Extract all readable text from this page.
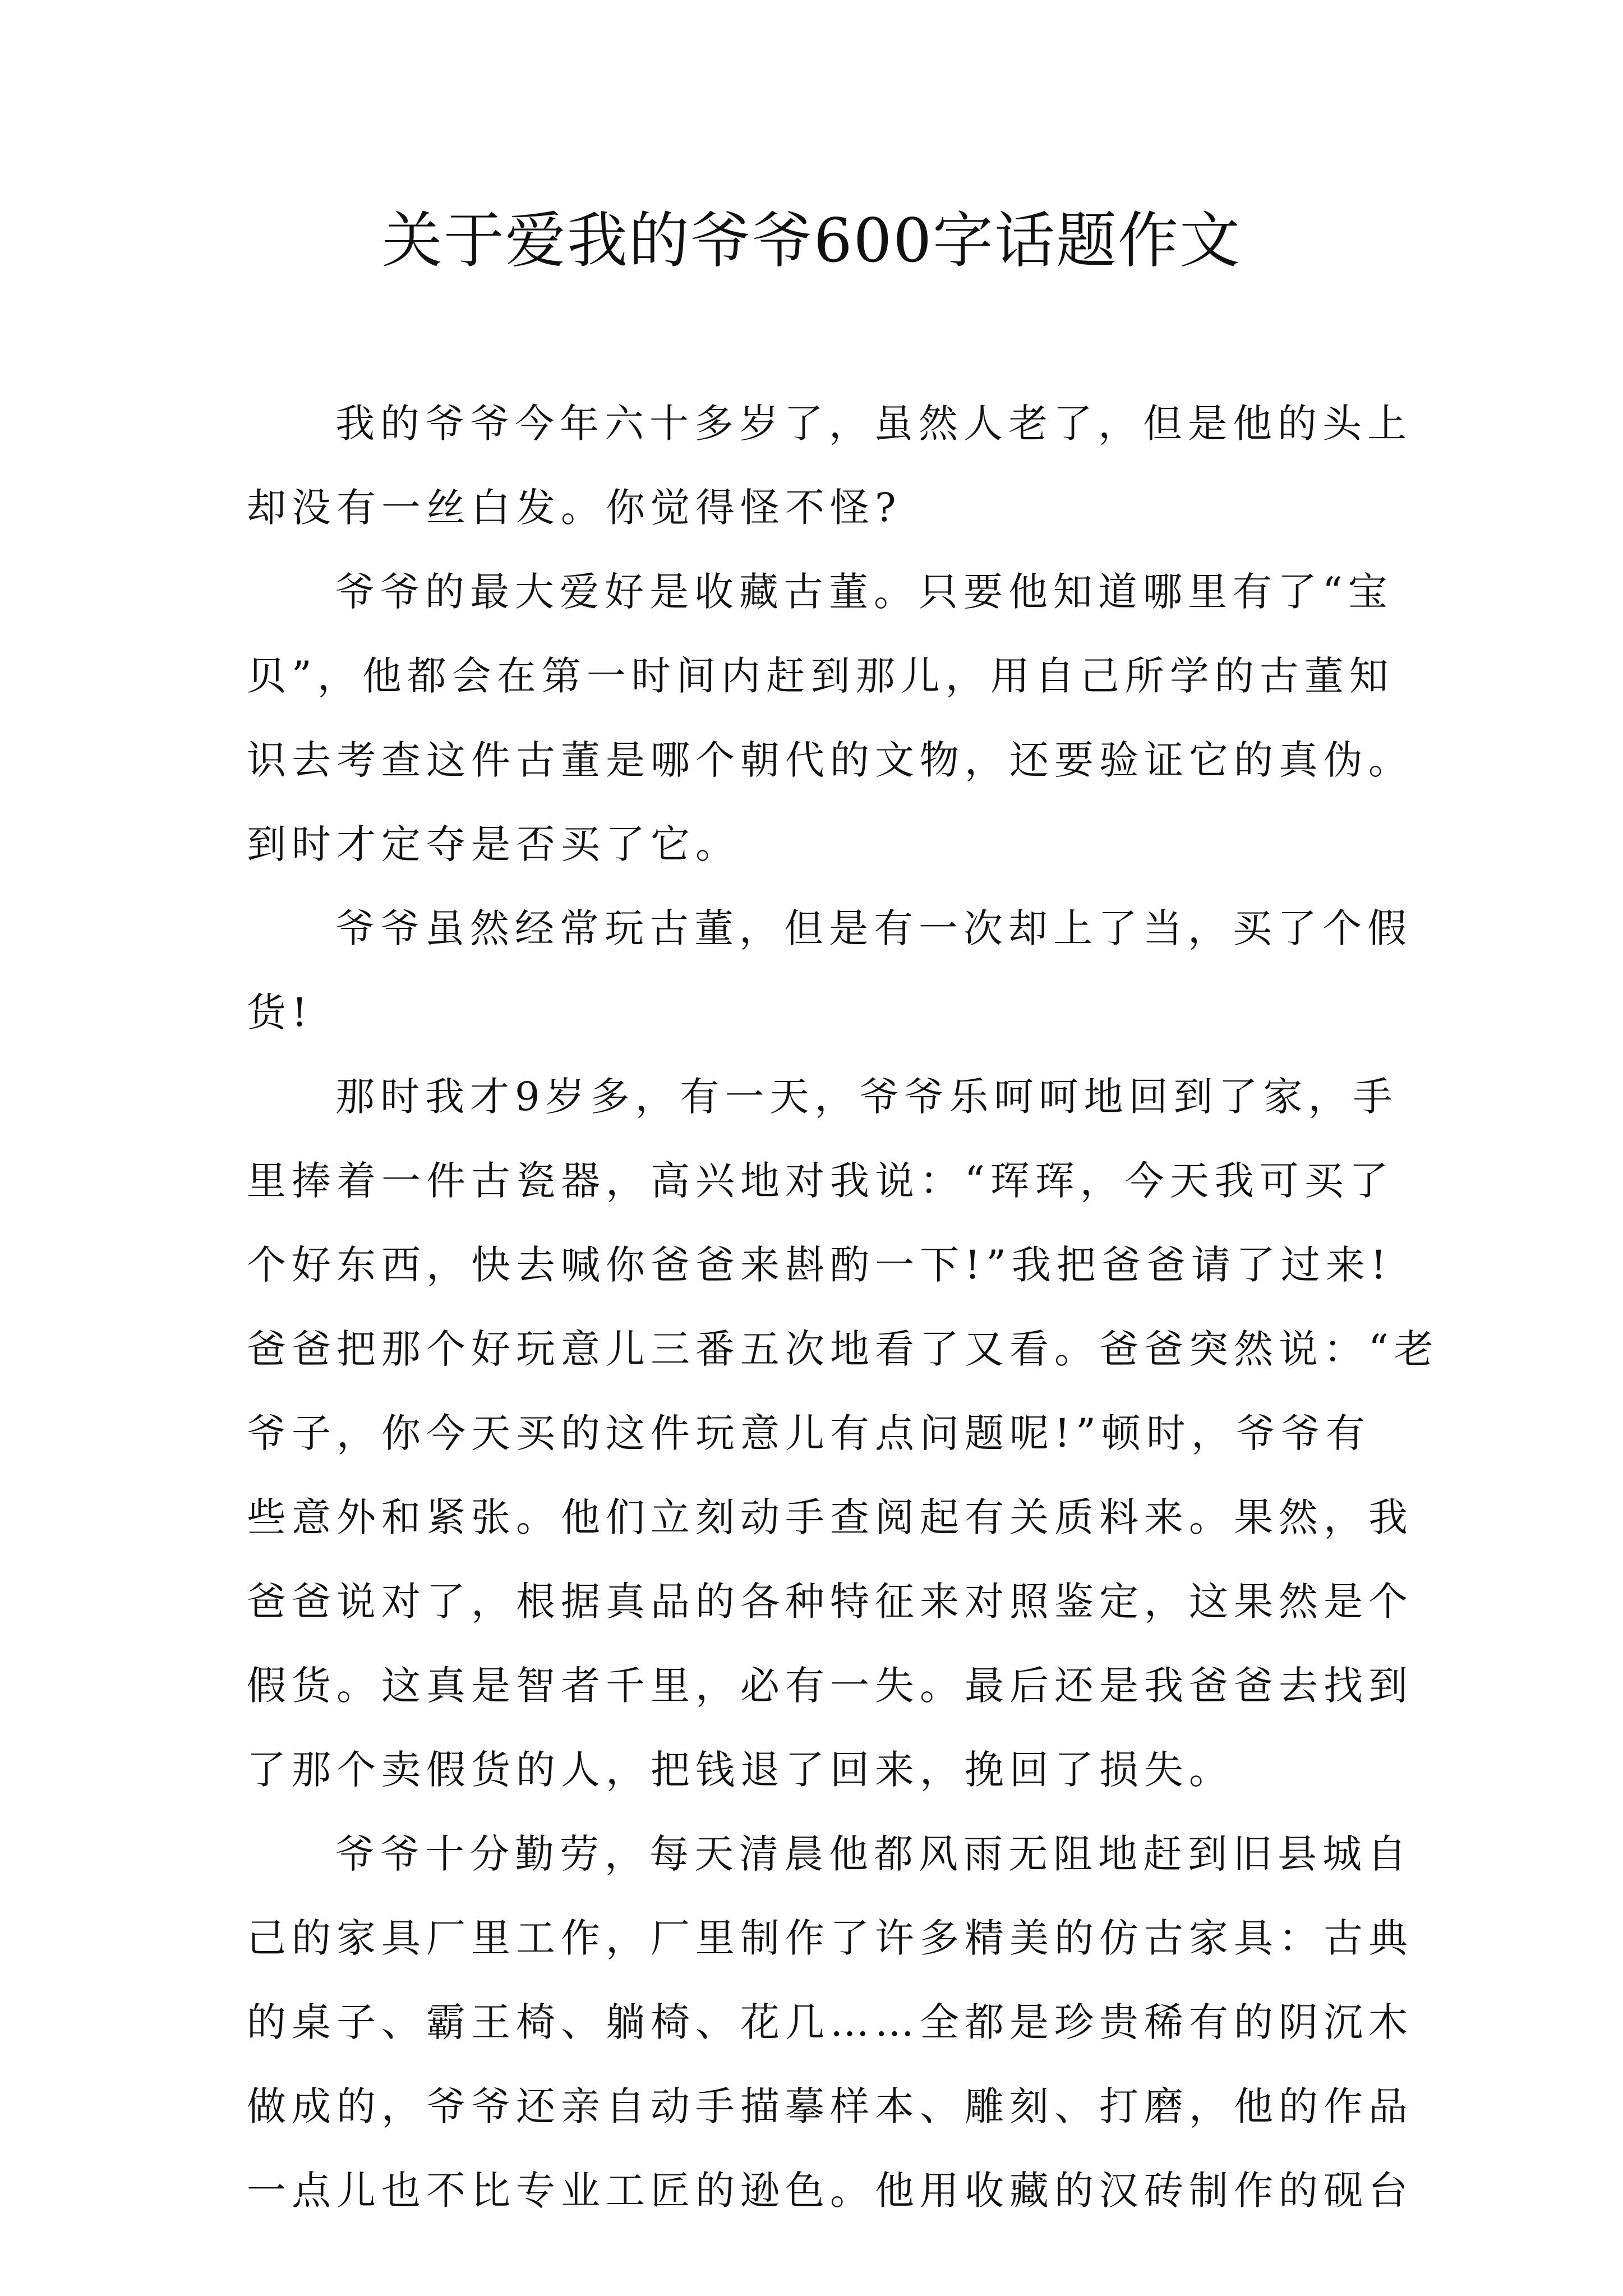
关于爱我的爷爷600字话题作文
我的爷爷今年六十多岁了，虽然人老了，但是他的头上
却没有一丝白发。你觉得怪不怪?
爷爷的最大爱好是收藏古董。只要他知道哪里有了“宝
贝”，他都会在第一时间内赶到那儿，用自己所学的古董知
识去考查这件古董是哪个朝代的文物，还要验证它的真伪。
到时才定夺是否买了它。
爷爷虽然经常玩古董，但是有一次却上了当，买了个假
货!
那时我才9岁多，有一天，爷爷乐呵呵地回到了家，手
里捧着一件古瓷器，高兴地对我说：“珲珲，今天我可买了
个好东西，快去喊你爸爸来斟酌一下!”我把爸爸请了过来!
爸爸把那个好玩意儿三番五次地看了又看。爸爸突然说：“老
爷子，你今天买的这件玩意儿有点问题呢!”顿时，爷爷有
些意外和紧张。他们立刻动手查阅起有关质料来。果然，我
爸爸说对了，根据真品的各种特征来对照鉴定，这果然是个
假货。这真是智者千里，必有一失。最后还是我爸爸去找到
了那个卖假货的人，把钱退了回来，挽回了损失。
爷爷十分勤劳，每天清晨他都风雨无阻地赶到旧县城自
己的家具厂里工作，厂里制作了许多精美的仿古家具：古典
的桌子、霸王椅、躺椅、花几……全都是珍贵稀有的阴沉木
做成的，爷爷还亲自动手描摹样本、雕刻、打磨，他的作品
一点儿也不比专业工匠的逊色。他用收藏的汉砖制作的砚台
